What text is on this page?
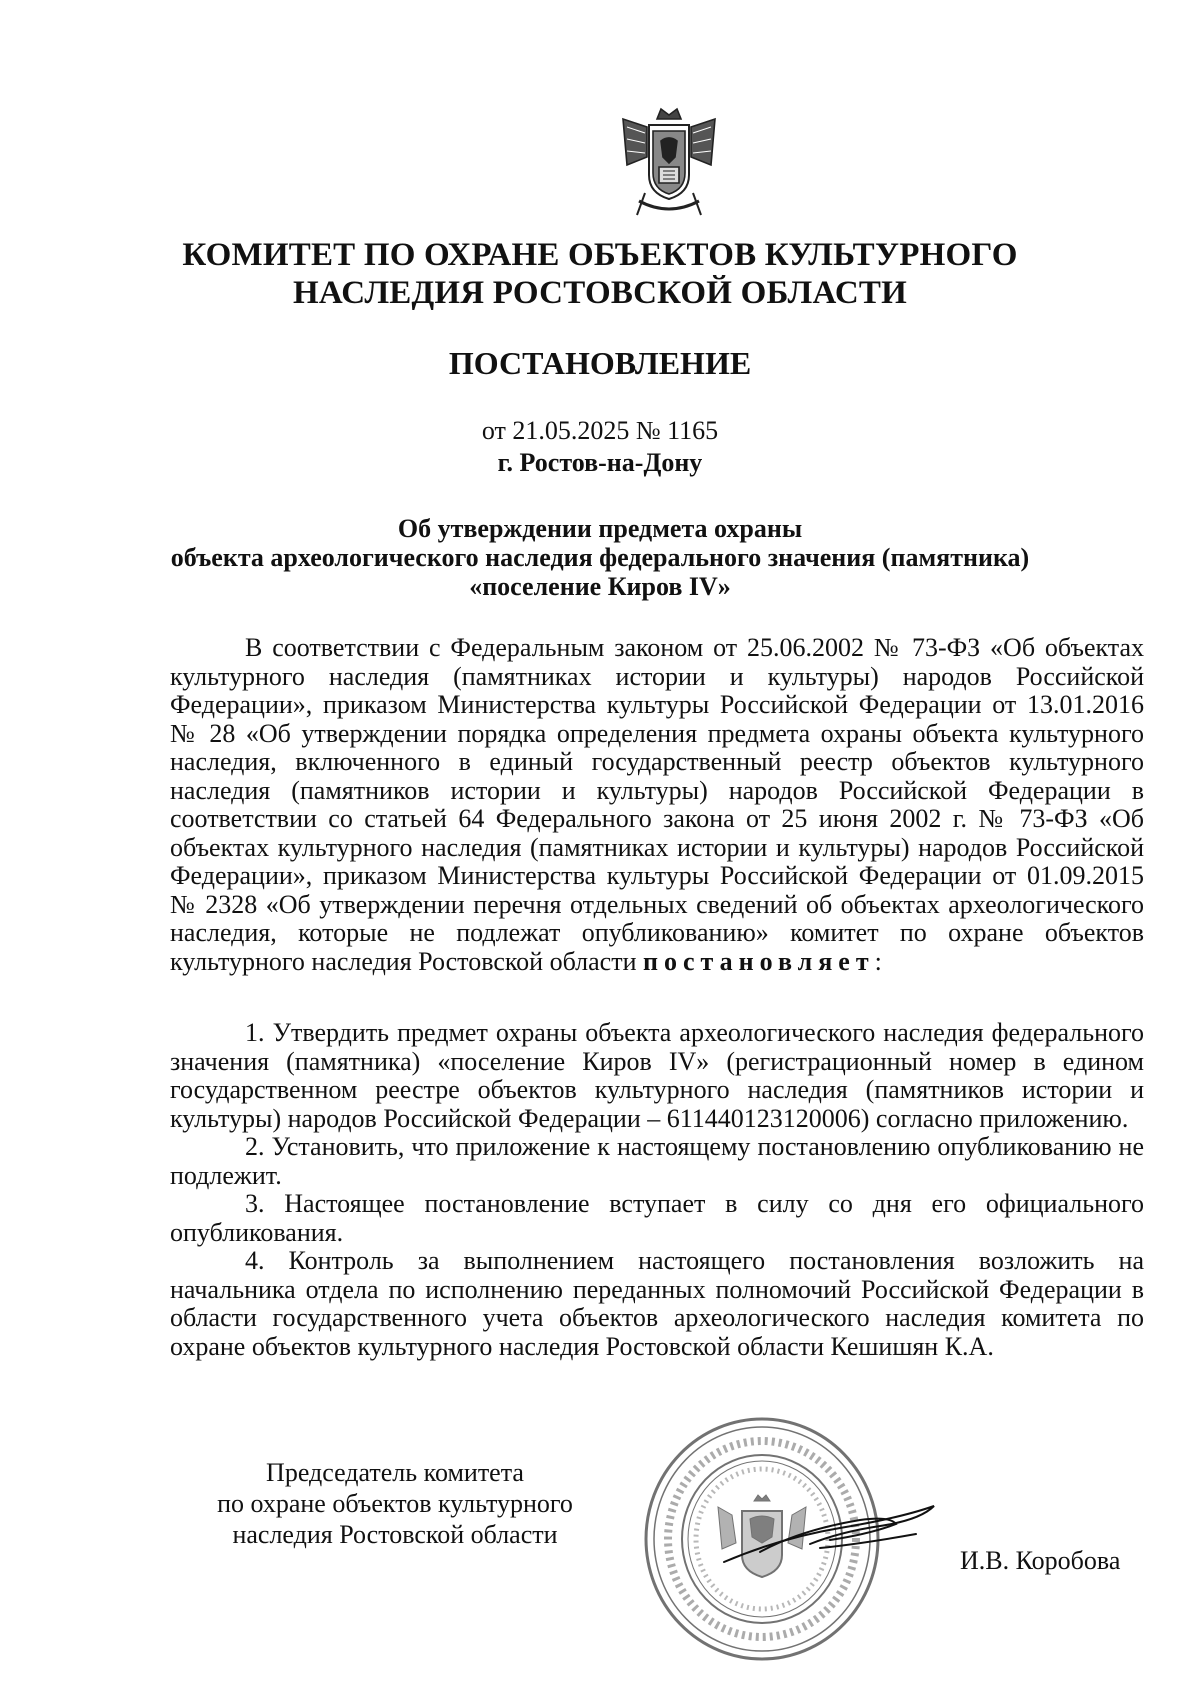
КОМИТЕТ ПО ОХРАНЕ ОБЪЕКТОВ КУЛЬТУРНОГО
НАСЛЕДИЯ РОСТОВСКОЙ ОБЛАСТИ
ПОСТАНОВЛЕНИЕ
от 21.05.2025 № 1165
г. Ростов-на-Дону
Об утверждении предмета охраны
объекта археологического наследия федерального значения (памятника)
«поселение Киров IV»

В соответствии с Федеральным законом от 25.06.2002 № 73-ФЗ «Об объектах культурного наследия (памятниках истории и культуры) народов Российской Федерации», приказом Министерства культуры Российской Федерации от 13.01.2016 № 28 «Об утверждении порядка определения предмета охраны объекта культурного наследия, включенного в единый государственный реестр объектов культурного наследия (памятников истории и культуры) народов Российской Федерации в соответствии со статьей 64 Федерального закона от 25 июня 2002 г. № 73-ФЗ «Об объектах культурного наследия (памятниках истории и культуры) народов Российской Федерации», приказом Министерства культуры Российской Федерации от 01.09.2015 № 2328 «Об утверждении перечня отдельных сведений об объектах археологического наследия, которые не подлежат опубликованию» комитет по охране объектов культурного наследия Ростовской области постановляет:

1. Утвердить предмет охраны объекта археологического наследия федерального значения (памятника) «поселение Киров IV» (регистрационный номер в едином государственном реестре объектов культурного наследия (памятников истории и культуры) народов Российской Федерации – 611440123120006) согласно приложению.

2. Установить, что приложение к настоящему постановлению опубликованию не подлежит.

3. Настоящее постановление вступает в силу со дня его официального опубликования.

4. Контроль за выполнением настоящего постановления возложить на начальника отдела по исполнению переданных полномочий Российской Федерации в области государственного учета объектов археологического наследия комитета по охране объектов культурного наследия Ростовской области Кешишян К.А.

Председатель комитета
по охране объектов культурного
наследия Ростовской области
И.В. Коробова
